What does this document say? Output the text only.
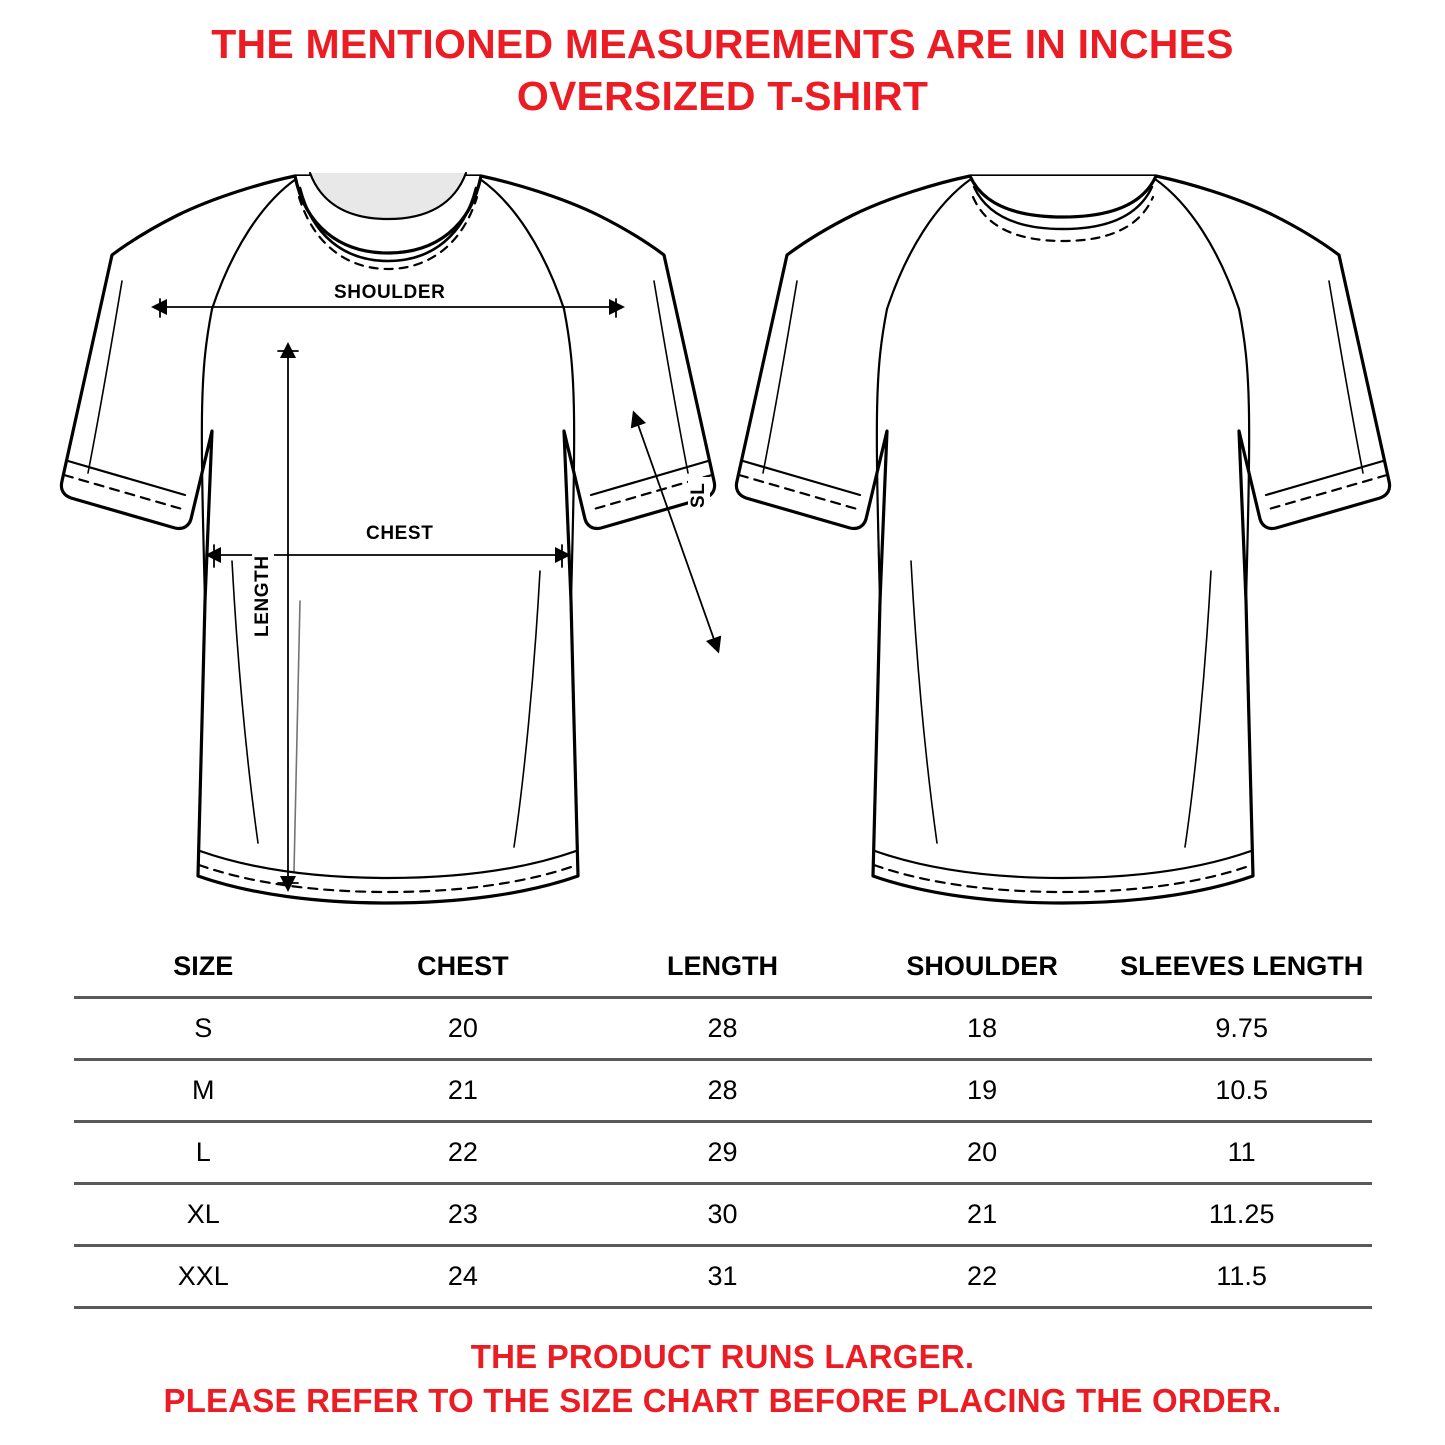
THE MENTIONED MEASUREMENTS ARE IN INCHES
OVERSIZED T-SHIRT
SHOULDER
CHEST
LENGTH
SL
SIZE	CHEST	LENGTH	SHOULDER	SLEEVES LENGTH
S	20	28	18	9.75
M	21	28	19	10.5
L	22	29	20	11
XL	23	30	21	11.25
XXL	24	31	22	11.5
THE PRODUCT RUNS LARGER.
PLEASE REFER TO THE SIZE CHART BEFORE PLACING THE ORDER.
